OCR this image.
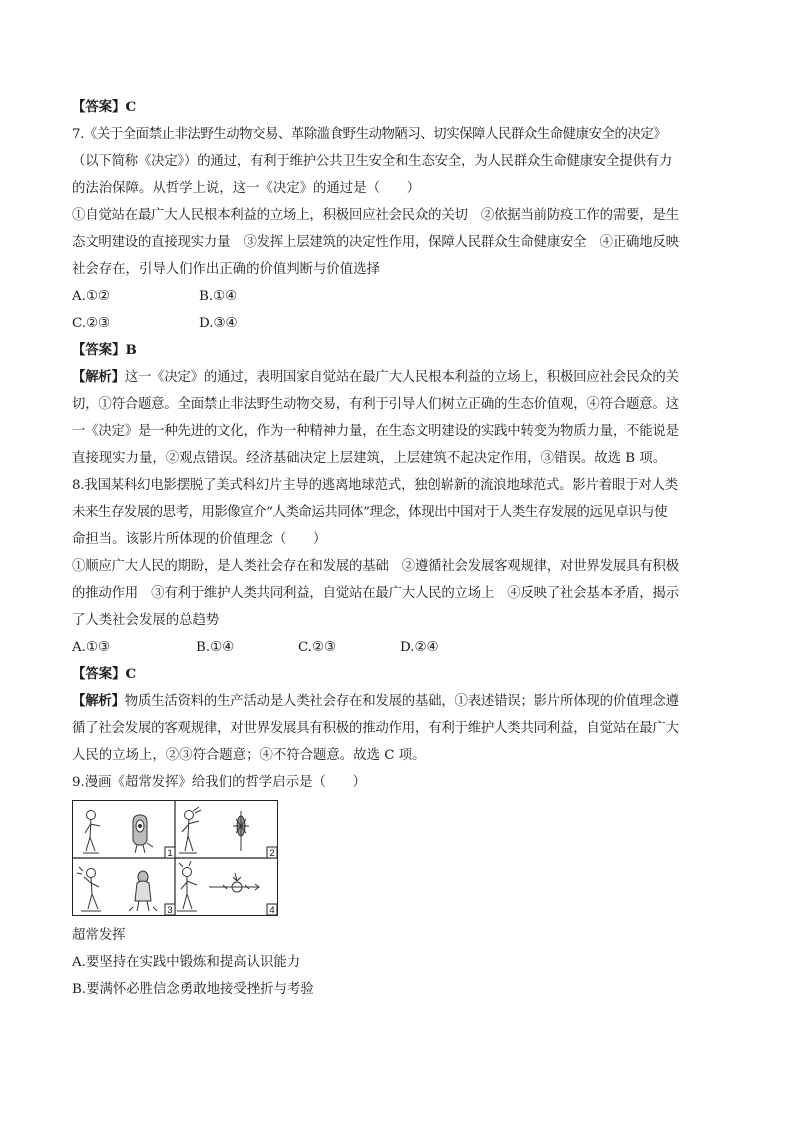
【答案】C
7.《关于全面禁止非法野生动物交易、革除滥食野生动物陋习、切实保障人民群众生命健康安全的决定》
（以下简称《决定》）的通过，有利于维护公共卫生安全和生态安全，为人民群众生命健康安全提供有力
的法治保障。从哲学上说，这一《决定》的通过是（　　）
①自觉站在最广大人民根本利益的立场上，积极回应社会民众的关切　②依据当前防疫工作的需要，是生
态文明建设的直接现实力量　③发挥上层建筑的决定性作用，保障人民群众生命健康安全　④正确地反映
社会存在，引导人们作出正确的价值判断与价值选择
A.①②	B.①④
C.②③	D.③④
【答案】B
【解析】这一《决定》的通过，表明国家自觉站在最广大人民根本利益的立场上，积极回应社会民众的关
切，①符合题意。全面禁止非法野生动物交易，有利于引导人们树立正确的生态价值观，④符合题意。这
一《决定》是一种先进的文化，作为一种精神力量，在生态文明建设的实践中转变为物质力量，不能说是
直接现实力量，②观点错误。经济基础决定上层建筑，上层建筑不起决定作用，③错误。故选 B 项。
8.我国某科幻电影摆脱了美式科幻片主导的逃离地球范式，独创崭新的流浪地球范式。影片着眼于对人类
未来生存发展的思考，用影像宣介“人类命运共同体”理念，体现出中国对于人类生存发展的远见卓识与使
命担当。该影片所体现的价值理念（　　）
①顺应广大人民的期盼，是人类社会存在和发展的基础　②遵循社会发展客观规律，对世界发展具有积极
的推动作用　③有利于维护人类共同利益，自觉站在最广大人民的立场上　④反映了社会基本矛盾，揭示
了人类社会发展的总趋势
A.①③	B.①④	C.②③	D.②④
【答案】C
【解析】物质生活资料的生产活动是人类社会存在和发展的基础，①表述错误；影片所体现的价值理念遵
循了社会发展的客观规律，对世界发展具有积极的推动作用，有利于维护人类共同利益，自觉站在最广大
人民的立场上，②③符合题意；④不符合题意。故选 C 项。
9.漫画《超常发挥》给我们的哲学启示是（　　）
1	2
3	4
超常发挥
A.要坚持在实践中锻炼和提高认识能力
B.要满怀必胜信念勇敢地接受挫折与考验
